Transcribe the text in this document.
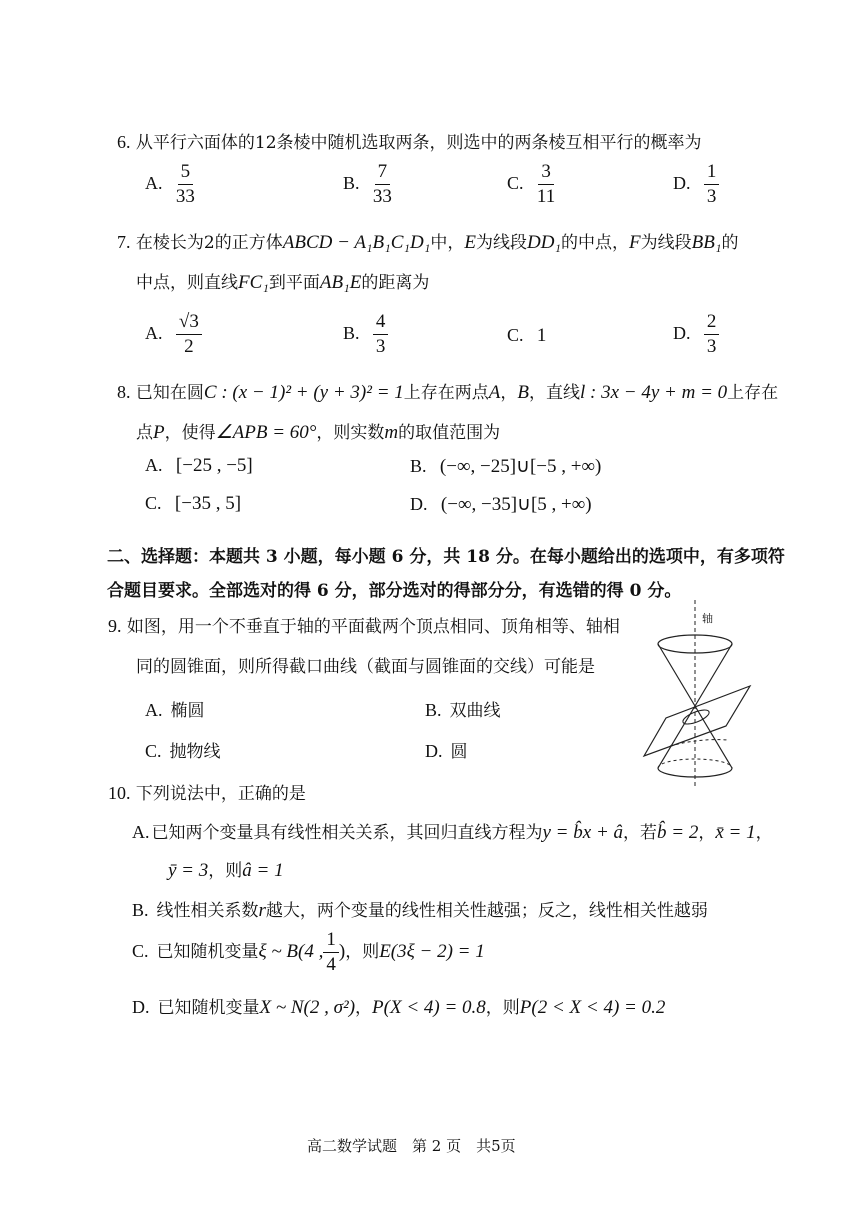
6. 从平行六面体的12条棱中随机选取两条，则选中的两条棱互相平行的概率为
A. $\frac{5}{33}$	B. $\frac{7}{33}$	C. $\frac{3}{11}$	D. $\frac{1}{3}$
7. 在棱长为2的正方体ABCD − A₁B₁C₁D₁中，E为线段DD₁的中点，F为线段BB₁的
中点，则直线FC₁到平面AB₁E的距离为
A. $\frac{√3}{2}$	B. $\frac{4}{3}$	C. 1	D. $\frac{2}{3}$
8. 已知在圆C : (x − 1)² + (y + 3)² = 1上存在两点A，B，直线l : 3x − 4y + m = 0上存在
点P，使得∠APB = 60°，则实数m的取值范围为
A. [−25 , −5]	B. (−∞, −25]∪[−5 , +∞)
C. [−35 , 5]	D. (−∞, −35]∪[5 , +∞)
二、选择题：本题共 3 小题，每小题 6 分，共 18 分。在每小题给出的选项中，有多项符
合题目要求。全部选对的得 6 分，部分选对的得部分分，有选错的得 0 分。
9. 如图，用一个不垂直于轴的平面截两个顶点相同、顶角相等、轴相
同的圆锥面，则所得截口曲线（截面与圆锥面的交线）可能是
A. 椭圆	B. 双曲线
C. 抛物线	D. 圆
轴
10. 下列说法中，正确的是
A. 已知两个变量具有线性相关关系，其回归直线方程为y = b̂x + â，若b̂ = 2，x̄ = 1，
ȳ = 3，则â = 1
B. 线性相关系数r越大，两个变量的线性相关性越强；反之，线性相关性越弱
C. 已知随机变量ξ ~ B(4 , $\frac{1}{4}$ )，则E(3ξ − 2) = 1
D. 已知随机变量X ~ N(2 , σ²)，P(X < 4) = 0.8，则P(2 < X < 4) = 0.2
高二数学试题　第 2 页　共5页
